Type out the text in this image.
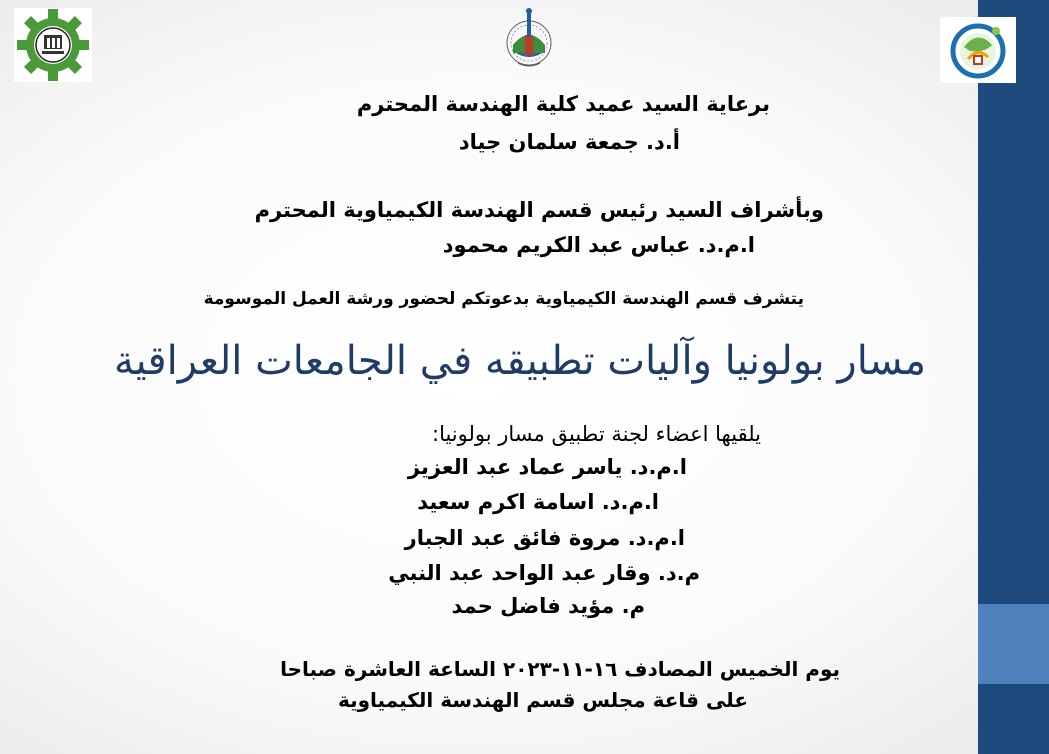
برعاية السيد عميد كلية الهندسة المحترم
أ.د. جمعة سلمان جياد
وبأشراف السيد رئيس قسم الهندسة الكيمياوية المحترم
ا.م.د. عباس عبد الكريم محمود
يتشرف قسم الهندسة الكيمياوية بدعوتكم لحضور ورشة العمل الموسومة
مسار بولونيا وآليات تطبيقه في الجامعات العراقية
يلقيها اعضاء لجنة تطبيق مسار بولونيا:
ا.م.د. ياسر عماد عبد العزيز
ا.م.د. اسامة اكرم سعيد
ا.م.د. مروة فائق عبد الجبار
م.د. وقار عبد الواحد عبد النبي
م. مؤيد فاضل حمد
يوم الخميس المصادف ١٦-١١-٢٠٢٣ الساعة العاشرة صباحا
على قاعة مجلس قسم الهندسة الكيمياوية
